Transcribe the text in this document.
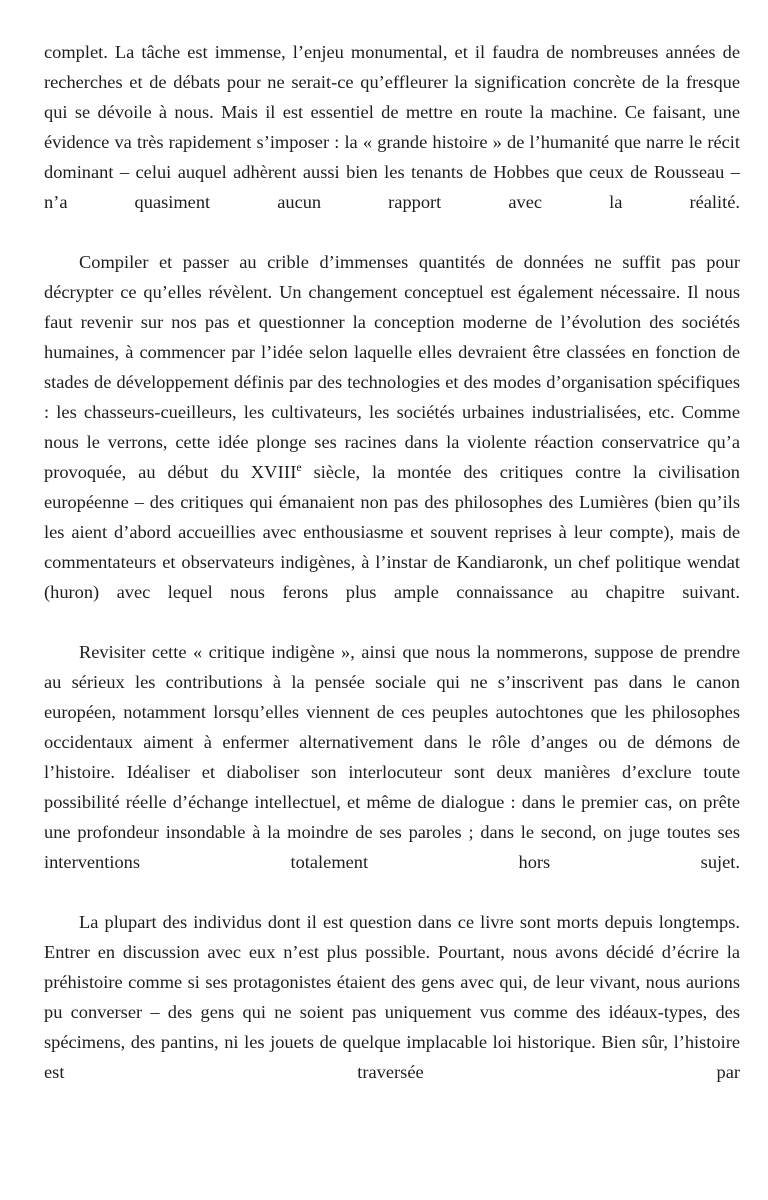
complet. La tâche est immense, l’enjeu monumental, et il faudra de nombreuses années de recherches et de débats pour ne serait-ce qu’effleurer la signification concrète de la fresque qui se dévoile à nous. Mais il est essentiel de mettre en route la machine. Ce faisant, une évidence va très rapidement s’imposer : la « grande histoire » de l’humanité que narre le récit dominant – celui auquel adhèrent aussi bien les tenants de Hobbes que ceux de Rousseau – n’a quasiment aucun rapport avec la réalité.

Compiler et passer au crible d’immenses quantités de données ne suffit pas pour décrypter ce qu’elles révèlent. Un changement conceptuel est également nécessaire. Il nous faut revenir sur nos pas et questionner la conception moderne de l’évolution des sociétés humaines, à commencer par l’idée selon laquelle elles devraient être classées en fonction de stades de développement définis par des technologies et des modes d’organisation spécifiques : les chasseurs-cueilleurs, les cultivateurs, les sociétés urbaines industrialisées, etc. Comme nous le verrons, cette idée plonge ses racines dans la violente réaction conservatrice qu’a provoquée, au début du XVIIIe siècle, la montée des critiques contre la civilisation européenne – des critiques qui émanaient non pas des philosophes des Lumières (bien qu’ils les aient d’abord accueillies avec enthousiasme et souvent reprises à leur compte), mais de commentateurs et observateurs indigènes, à l’instar de Kandiaronk, un chef politique wendat (huron) avec lequel nous ferons plus ample connaissance au chapitre suivant.

Revisiter cette « critique indigène », ainsi que nous la nommerons, suppose de prendre au sérieux les contributions à la pensée sociale qui ne s’inscrivent pas dans le canon européen, notamment lorsqu’elles viennent de ces peuples autochtones que les philosophes occidentaux aiment à enfermer alternativement dans le rôle d’anges ou de démons de l’histoire. Idéaliser et diaboliser son interlocuteur sont deux manières d’exclure toute possibilité réelle d’échange intellectuel, et même de dialogue : dans le premier cas, on prête une profondeur insondable à la moindre de ses paroles ; dans le second, on juge toutes ses interventions totalement hors sujet.

La plupart des individus dont il est question dans ce livre sont morts depuis longtemps. Entrer en discussion avec eux n’est plus possible. Pourtant, nous avons décidé d’écrire la préhistoire comme si ses protagonistes étaient des gens avec qui, de leur vivant, nous aurions pu converser – des gens qui ne soient pas uniquement vus comme des idéaux-types, des spécimens, des pantins, ni les jouets de quelque implacable loi historique. Bien sûr, l’histoire est traversée par
